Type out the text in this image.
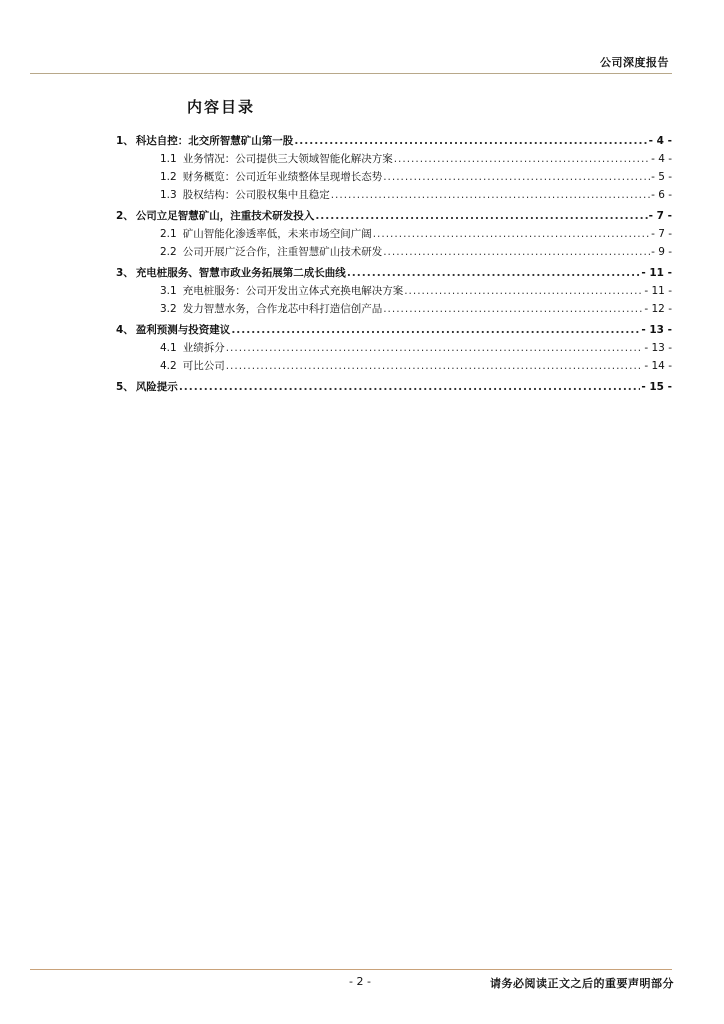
公司深度报告
内容目录
1、 科达自控：北交所智慧矿山第一股 .....	- 4 -
1.1 业务情况：公司提供三大领域智能化解决方案 .....	- 4 -
1.2 财务概览：公司近年业绩整体呈现增长态势 .....	- 5 -
1.3 股权结构：公司股权集中且稳定 .....	- 6 -
2、 公司立足智慧矿山，注重技术研发投入 .....	- 7 -
2.1 矿山智能化渗透率低，未来市场空间广阔 .....	- 7 -
2.2 公司开展广泛合作，注重智慧矿山技术研发 .....	- 9 -
3、 充电桩服务、智慧市政业务拓展第二成长曲线 .....	- 11 -
3.1 充电桩服务：公司开发出立体式充换电解决方案 .....	- 11 -
3.2 发力智慧水务，合作龙芯中科打造信创产品 .....	- 12 -
4、 盈利预测与投资建议 .....	- 13 -
4.1 业绩拆分 .....	- 13 -
4.2 可比公司 .....	- 14 -
5、 风险提示 .....	- 15 -
- 2 -	请务必阅读正文之后的重要声明部分
